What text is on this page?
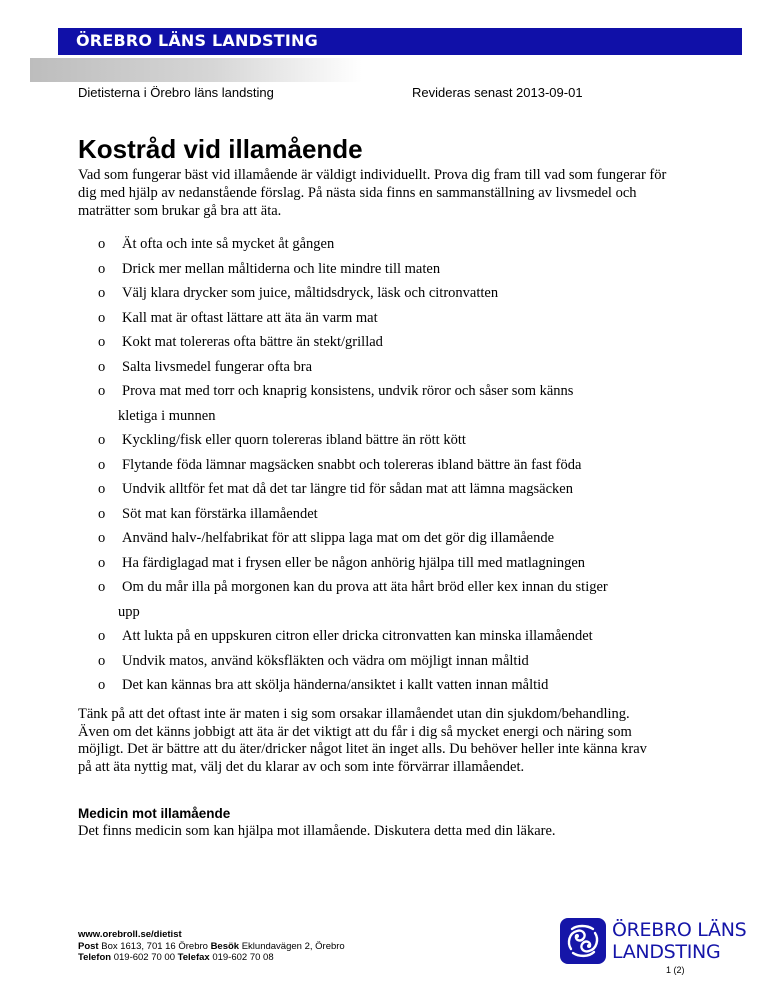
ÖREBRO LÄNS LANDSTING
Dietisterna i Örebro läns landsting	Revideras senast 2013-09-01
Kostråd vid illamående

Vad som fungerar bäst vid illamående är väldigt individuellt. Prova dig fram till vad som fungerar för dig med hjälp av nedanstående förslag. På nästa sida finns en sammanställning av livsmedel och maträtter som brukar gå bra att äta.

o Ät ofta och inte så mycket åt gången
o Drick mer mellan måltiderna och lite mindre till maten
o Välj klara drycker som juice, måltidsdryck, läsk och citronvatten
o Kall mat är oftast lättare att äta än varm mat
o Kokt mat tolereras ofta bättre än stekt/grillad
o Salta livsmedel fungerar ofta bra
o Prova mat med torr och knaprig konsistens, undvik röror och såser som känns
kletiga i munnen
o Kyckling/fisk eller quorn tolereras ibland bättre än rött kött
o Flytande föda lämnar magsäcken snabbt och tolereras ibland bättre än fast föda
o Undvik alltför fet mat då det tar längre tid för sådan mat att lämna magsäcken
o Söt mat kan förstärka illamåendet
o Använd halv-/helfabrikat för att slippa laga mat om det gör dig illamående
o Ha färdiglagad mat i frysen eller be någon anhörig hjälpa till med matlagningen
o Om du mår illa på morgonen kan du prova att äta hårt bröd eller kex innan du stiger
upp
o Att lukta på en uppskuren citron eller dricka citronvatten kan minska illamåendet
o Undvik matos, använd köksfläkten och vädra om möjligt innan måltid
o Det kan kännas bra att skölja händerna/ansiktet i kallt vatten innan måltid

Tänk på att det oftast inte är maten i sig som orsakar illamåendet utan din sjukdom/behandling. Även om det känns jobbigt att äta är det viktigt att du får i dig så mycket energi och näring som möjligt. Det är bättre att du äter/dricker något litet än inget alls. Du behöver heller inte känna krav på att äta nyttig mat, välj det du klarar av och som inte förvärrar illamåendet.

Medicin mot illamående

Det finns medicin som kan hjälpa mot illamående. Diskutera detta med din läkare.

www.orebroll.se/dietist
Post Box 1613, 701 16 Örebro Besök Eklundavägen 2, Örebro
Telefon 019-602 70 00 Telefax 019-602 70 08
ÖREBRO LÄNS
LANDSTING
1 (2)
